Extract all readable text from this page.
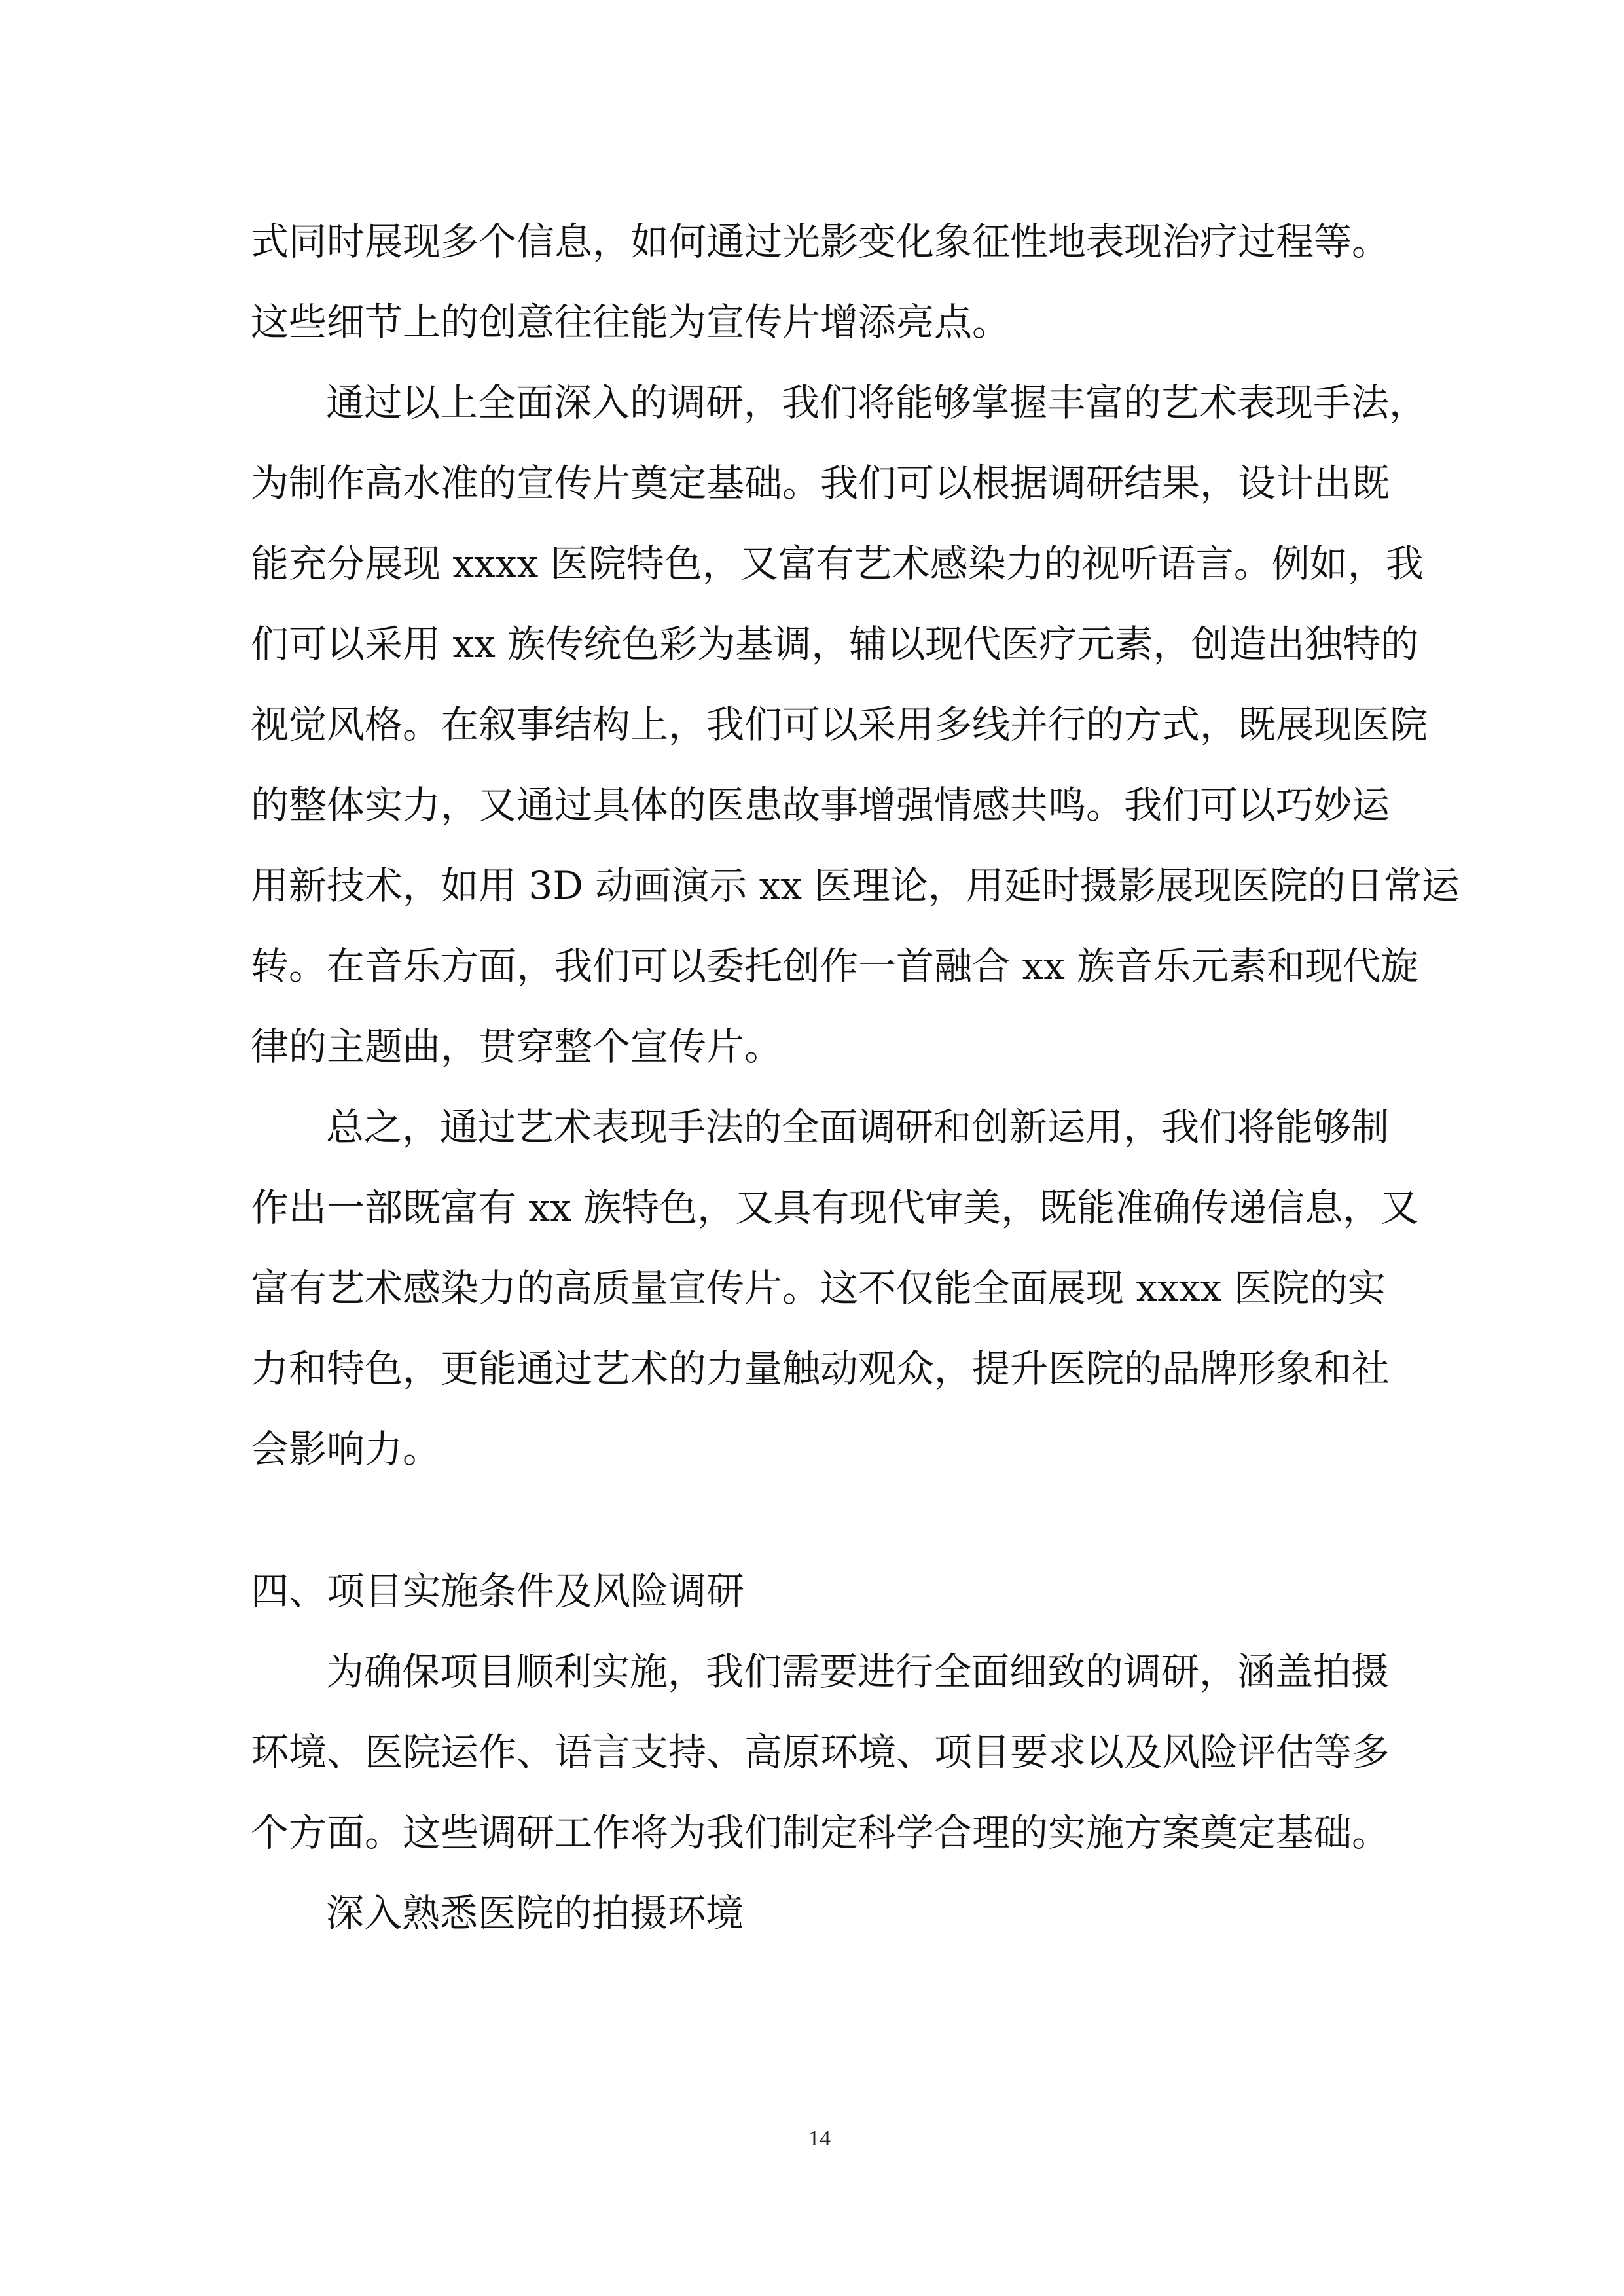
式同时展现多个信息，如何通过光影变化象征性地表现治疗过程等。
这些细节上的创意往往能为宣传片增添亮点。
通过以上全面深入的调研，我们将能够掌握丰富的艺术表现手法，
为制作高水准的宣传片奠定基础。我们可以根据调研结果，设计出既
能充分展现 xxxx 医院特色，又富有艺术感染力的视听语言。例如，我
们可以采用 xx 族传统色彩为基调，辅以现代医疗元素，创造出独特的
视觉风格。在叙事结构上，我们可以采用多线并行的方式，既展现医院
的整体实力，又通过具体的医患故事增强情感共鸣。我们可以巧妙运
用新技术，如用 3D 动画演示 xx 医理论，用延时摄影展现医院的日常运
转。在音乐方面，我们可以委托创作一首融合 xx 族音乐元素和现代旋
律的主题曲，贯穿整个宣传片。
总之，通过艺术表现手法的全面调研和创新运用，我们将能够制
作出一部既富有 xx 族特色，又具有现代审美，既能准确传递信息，又
富有艺术感染力的高质量宣传片。这不仅能全面展现 xxxx 医院的实
力和特色，更能通过艺术的力量触动观众，提升医院的品牌形象和社
会影响力。
四、项目实施条件及风险调研
为确保项目顺利实施，我们需要进行全面细致的调研，涵盖拍摄
环境、医院运作、语言支持、高原环境、项目要求以及风险评估等多
个方面。这些调研工作将为我们制定科学合理的实施方案奠定基础。
深入熟悉医院的拍摄环境
14
